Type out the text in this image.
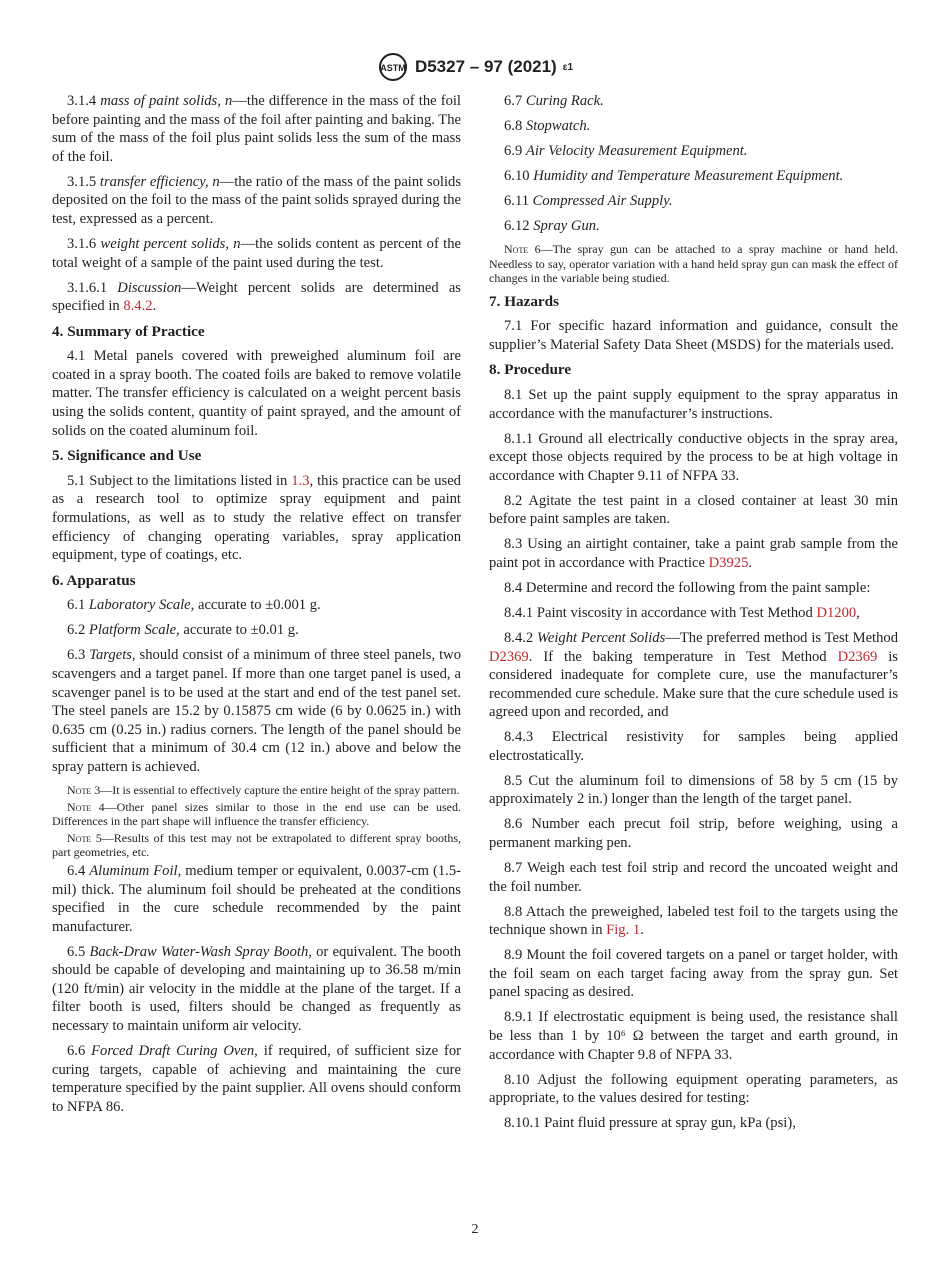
ASTM D5327 – 97 (2021) ε1

3.1.4 mass of paint solids, n—the difference in the mass of the foil before painting and the mass of the foil after painting and baking. The sum of the mass of the foil plus paint solids less the sum of the mass of the foil.

3.1.5 transfer efficiency, n—the ratio of the mass of the paint solids deposited on the foil to the mass of the paint solids sprayed during the test, expressed as a percent.

3.1.6 weight percent solids, n—the solids content as percent of the total weight of a sample of the paint used during the test.

3.1.6.1 Discussion—Weight percent solids are determined as specified in 8.4.2.

4. Summary of Practice

4.1 Metal panels covered with preweighed aluminum foil are coated in a spray booth. The coated foils are baked to remove volatile matter. The transfer efficiency is calculated on a weight percent basis using the solids content, quantity of paint sprayed, and the amount of solids on the coated aluminum foil.

5. Significance and Use

5.1 Subject to the limitations listed in 1.3, this practice can be used as a research tool to optimize spray equipment and paint formulations, as well as to study the relative effect on transfer efficiency of changing operating variables, spray application equipment, type of coatings, etc.

6. Apparatus

6.1 Laboratory Scale, accurate to ±0.001 g.

6.2 Platform Scale, accurate to ±0.01 g.

6.3 Targets, should consist of a minimum of three steel panels, two scavengers and a target panel. If more than one target panel is used, a scavenger panel is to be used at the start and end of the test panel set. The steel panels are 15.2 by 0.15875 cm wide (6 by 0.0625 in.) with 0.635 cm (0.25 in.) radius corners. The length of the panel should be sufficient that a minimum of 30.4 cm (12 in.) above and below the spray pattern is achieved.

Note 3—It is essential to effectively capture the entire height of the spray pattern.

Note 4—Other panel sizes similar to those in the end use can be used. Differences in the part shape will influence the transfer efficiency.

Note 5—Results of this test may not be extrapolated to different spray booths, part geometries, etc.

6.4 Aluminum Foil, medium temper or equivalent, 0.0037-cm (1.5-mil) thick. The aluminum foil should be preheated at the conditions specified in the cure schedule recommended by the paint manufacturer.

6.5 Back-Draw Water-Wash Spray Booth, or equivalent. The booth should be capable of developing and maintaining up to 36.58 m/min (120 ft/min) air velocity in the middle at the plane of the target. If a filter booth is used, filters should be changed as frequently as necessary to maintain uniform air velocity.

6.6 Forced Draft Curing Oven, if required, of sufficient size for curing targets, capable of achieving and maintaining the cure temperature specified by the paint supplier. All ovens should conform to NFPA 86.

6.7 Curing Rack.

6.8 Stopwatch.

6.9 Air Velocity Measurement Equipment.

6.10 Humidity and Temperature Measurement Equipment.

6.11 Compressed Air Supply.

6.12 Spray Gun.

Note 6—The spray gun can be attached to a spray machine or hand held. Needless to say, operator variation with a hand held spray gun can mask the effect of changes in the variable being studied.

7. Hazards

7.1 For specific hazard information and guidance, consult the supplier’s Material Safety Data Sheet (MSDS) for the materials used.

8. Procedure

8.1 Set up the paint supply equipment to the spray apparatus in accordance with the manufacturer’s instructions.

8.1.1 Ground all electrically conductive objects in the spray area, except those objects required by the process to be at high voltage in accordance with Chapter 9.11 of NFPA 33.

8.2 Agitate the test paint in a closed container at least 30 min before paint samples are taken.

8.3 Using an airtight container, take a paint grab sample from the paint pot in accordance with Practice D3925.

8.4 Determine and record the following from the paint sample:

8.4.1 Paint viscosity in accordance with Test Method D1200,

8.4.2 Weight Percent Solids—The preferred method is Test Method D2369. If the baking temperature in Test Method D2369 is considered inadequate for complete cure, use the manufacturer’s recommended cure schedule. Make sure that the cure schedule used is agreed upon and recorded, and

8.4.3 Electrical resistivity for samples being applied electrostatically.

8.5 Cut the aluminum foil to dimensions of 58 by 5 cm (15 by approximately 2 in.) longer than the length of the target panel.

8.6 Number each precut foil strip, before weighing, using a permanent marking pen.

8.7 Weigh each test foil strip and record the uncoated weight and the foil number.

8.8 Attach the preweighed, labeled test foil to the targets using the technique shown in Fig. 1.

8.9 Mount the foil covered targets on a panel or target holder, with the foil seam on each target facing away from the spray gun. Set panel spacing as desired.

8.9.1 If electrostatic equipment is being used, the resistance shall be less than 1 by 10⁶ Ω between the target and earth ground, in accordance with Chapter 9.8 of NFPA 33.

8.10 Adjust the following equipment operating parameters, as appropriate, to the values desired for testing:

8.10.1 Paint fluid pressure at spray gun, kPa (psi),

2
